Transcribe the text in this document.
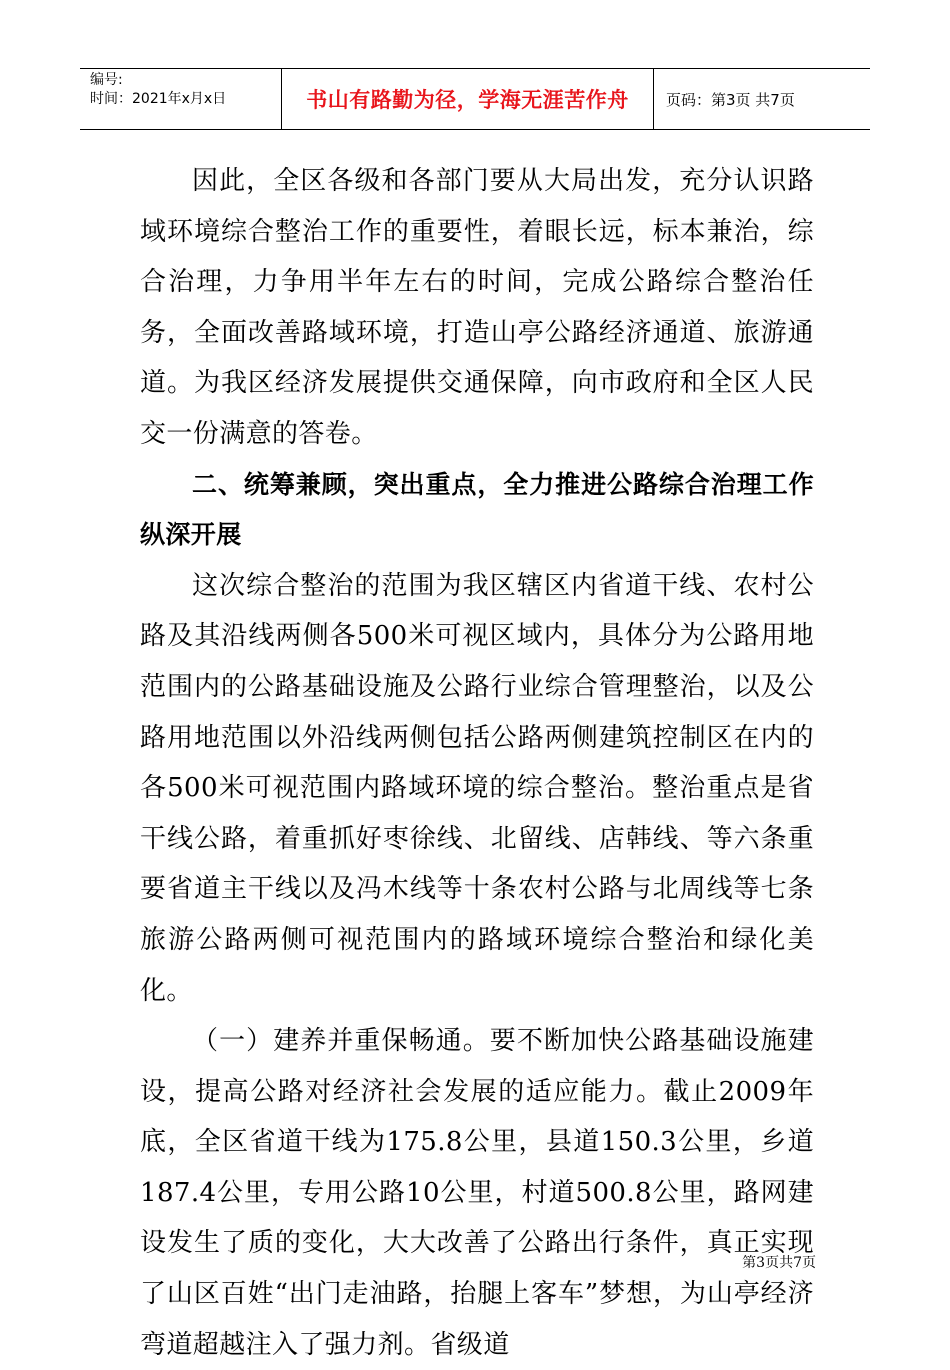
编号:
时间：2021年x月x日	书山有路勤为径，学海无涯苦作舟 页码：第3页 共7页

因此，全区各级和各部门要从大局出发，充分认识路域环境综合整治工作的重要性，着眼长远，标本兼治，综合治理，力争用半年左右的时间，完成公路综合整治任务，全面改善路域环境，打造山亭公路经济通道、旅游通道。为我区经济发展提供交通保障，向市政府和全区人民交一份满意的答卷。

二、统筹兼顾，突出重点，全力推进公路综合治理工作纵深开展

这次综合整治的范围为我区辖区内省道干线、农村公路及其沿线两侧各500米可视区域内，具体分为公路用地范围内的公路基础设施及公路行业综合管理整治，以及公路用地范围以外沿线两侧包括公路两侧建筑控制区在内的各500米可视范围内路域环境的综合整治。整治重点是省干线公路，着重抓好枣徐线、北留线、店韩线、等六条重要省道主干线以及冯木线等十条农村公路与北周线等七条旅游公路两侧可视范围内的路域环境综合整治和绿化美化。

（一）建养并重保畅通。要不断加快公路基础设施建设，提高公路对经济社会发展的适应能力。截止2009年底，全区省道干线为175.8公里，县道150.3公里，乡道187.4公里，专用公路10公里，村道500.8公里，路网建设发生了质的变化，大大改善了公路出行条件，真正实现了山区百姓“出门走油路，抬腿上客车”梦想，为山亭经济弯道超越注入了强力剂。省级道

第3页共7页
